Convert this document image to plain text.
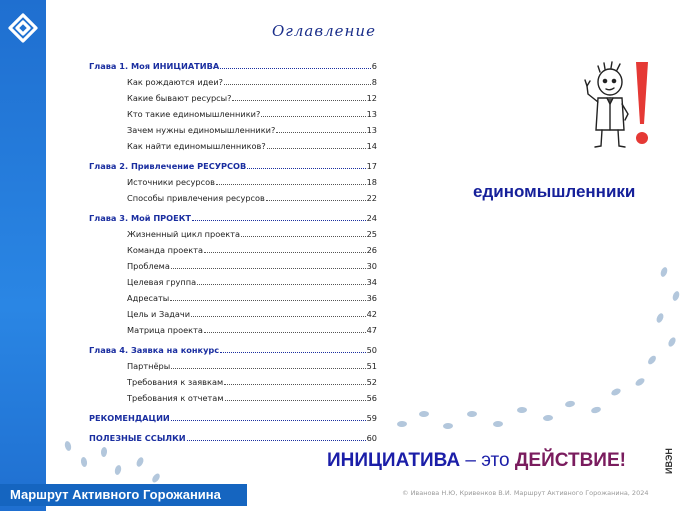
Оглавление
Глава 1. Моя ИНИЦИАТИВА	6
Как рождаются идеи?	8
Какие бывают ресурсы?	12
Кто такие единомышленники?	13
Зачем нужны единомышленники?	13
Как найти единомышленников?	14
Глава 2. Привлечение РЕСУРСОВ	17
Источники ресурсов	18
Способы привлечения ресурсов	22
Глава 3. Мой ПРОЕКТ	24
Жизненный цикл проекта	25
Команда проекта	26
Проблема	30
Целевая группа	34
Адресаты	36
Цель и Задачи	42
Матрица проекта	47
Глава 4. Заявка на конкурс	50
Партнёры	51
Требования к заявкам	52
Требования к отчетам	56
РЕКОМЕНДАЦИИ	59
ПОЛЕЗНЫЕ ССЫЛКИ	60
единомышленники
ИНИЦИАТИВА – это ДЕЙСТВИЕ!	ИВЭН
Маршрут Активного Горожанина	© Иванова Н.Ю, Кривенков В.И. Маршрут Активного Горожанина, 2024
